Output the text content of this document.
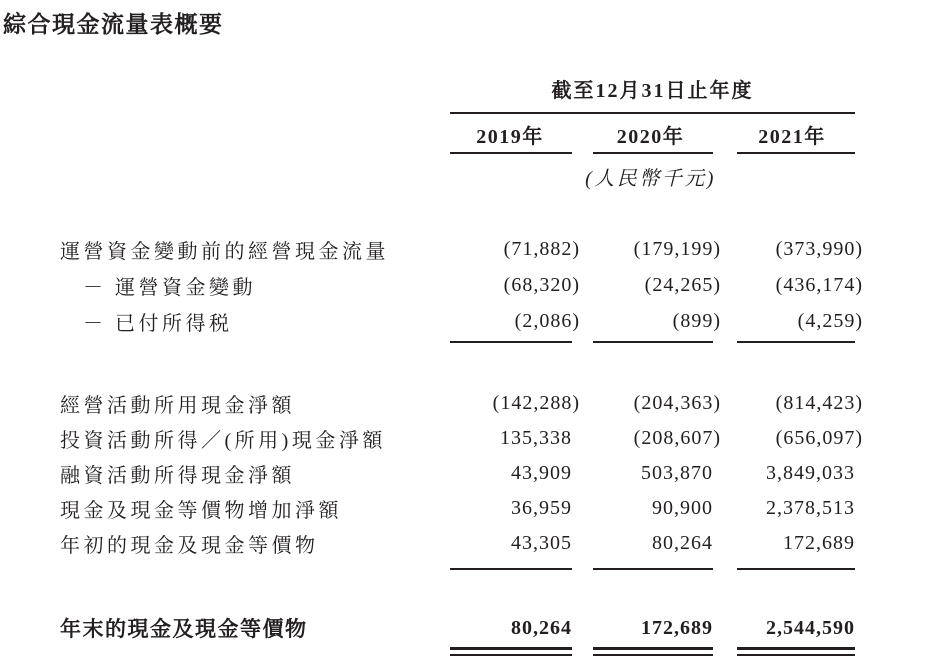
綜合現金流量表概要
截至12月31日止年度
2019年	2020年	2021年
(人民幣千元)
運營資金變動前的經營現金流量	(71,882)	(179,199)	(373,990)
－ 運營資金變動	(68,320)	(24,265)	(436,174)
－ 已付所得税	(2,086)	(899)	(4,259)
經營活動所用現金淨額	(142,288)	(204,363)	(814,423)
投資活動所得／(所用)現金淨額	135,338	(208,607)	(656,097)
融資活動所得現金淨額	43,909	503,870	3,849,033
現金及現金等價物增加淨額	36,959	90,900	2,378,513
年初的現金及現金等價物	43,305	80,264	172,689
年末的現金及現金等價物	80,264	172,689	2,544,590
